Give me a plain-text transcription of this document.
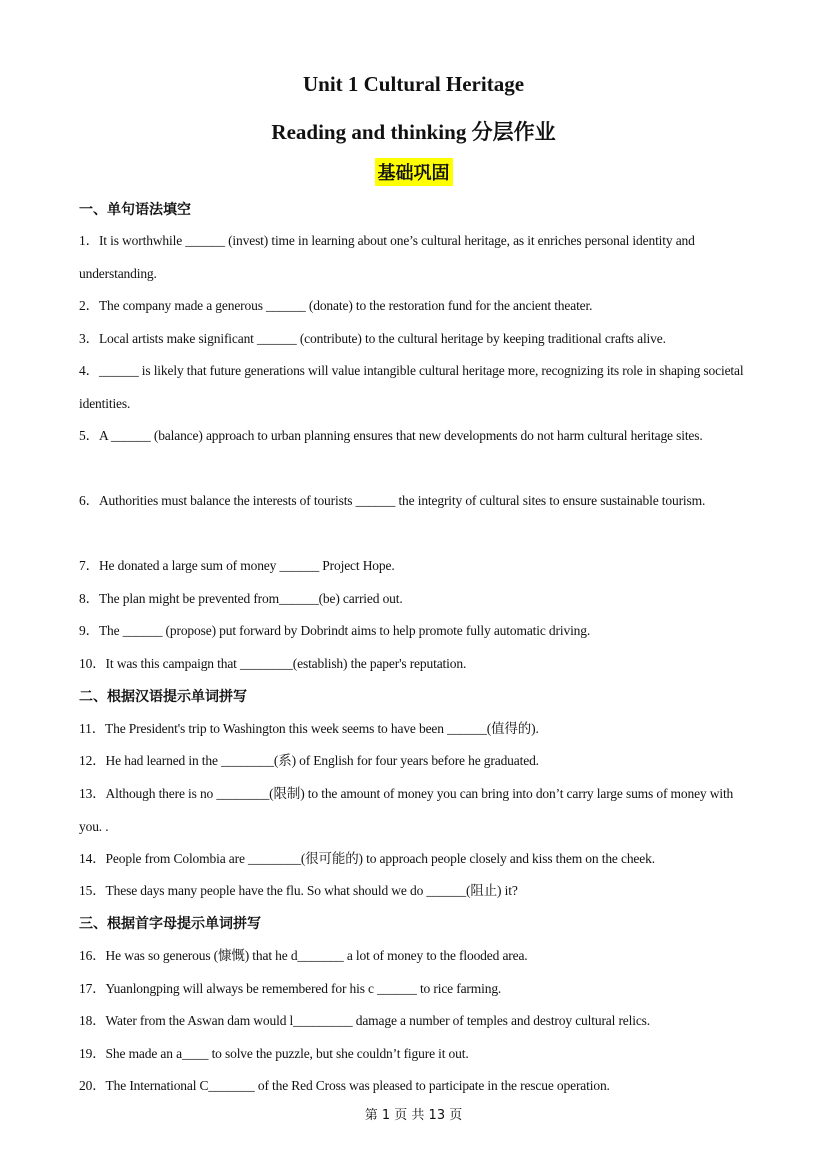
Unit 1 Cultural Heritage
Reading and thinking 分层作业
基础巩固
一、单句语法填空
1．It is worthwhile ______ (invest) time in learning about one’s cultural heritage, as it enriches personal identity and understanding.
2．The company made a generous ______ (donate) to the restoration fund for the ancient theater.
3．Local artists make significant ______ (contribute) to the cultural heritage by keeping traditional crafts alive.
4．______ is likely that future generations will value intangible cultural heritage more, recognizing its role in shaping societal identities.
5．A ______ (balance) approach to urban planning ensures that new developments do not harm cultural heritage sites.
6．Authorities must balance the interests of tourists ______ the integrity of cultural sites to ensure sustainable tourism.
7．He donated a large sum of money ______ Project Hope.
8．The plan might be prevented from______(be) carried out.
9．The ______ (propose) put forward by Dobrindt aims to help promote fully automatic driving.
10．It was this campaign that ________(establish) the paper's reputation.
二、根据汉语提示单词拼写
11．The President's trip to Washington this week seems to have been ______(值得的).
12．He had learned in the ________(系) of English for four years before he graduated.
13．Although there is no ________(限制) to the amount of money you can bring into don’t carry large sums of money with you. .
14．People from Colombia are ________(很可能的) to approach people closely and kiss them on the cheek.
15．These days many people have the flu. So what should we do ______(阻止) it?
三、根据首字母提示单词拼写
16．He was so generous (慷慨) that he d_______ a lot of money to the flooded area.
17．Yuanlongping will always be remembered for his c ______ to rice farming.
18．Water from the Aswan dam would l_________ damage a number of temples and destroy cultural relics.
19．She made an a____ to solve the puzzle, but she couldn’t figure it out.
20．The International C_______ of the Red Cross was pleased to participate in the rescue operation.
第 1 页 共 13 页
